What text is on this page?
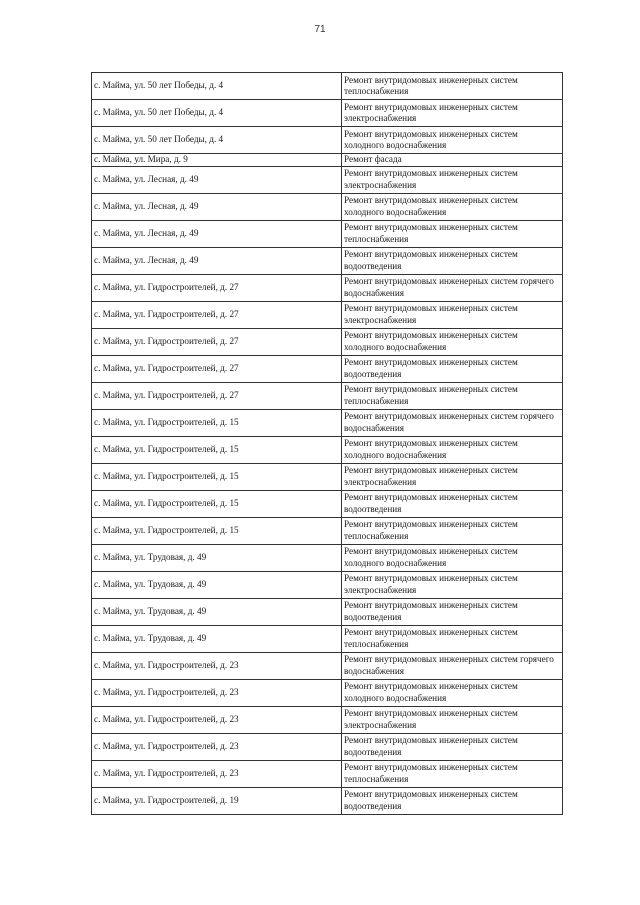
71
с. Майма, ул. 50 лет Победы, д. 4	Ремонт внутридомовых инженерных систем теплоснабжения
с. Майма, ул. 50 лет Победы, д. 4	Ремонт внутридомовых инженерных систем электроснабжения
с. Майма, ул. 50 лет Победы, д. 4	Ремонт внутридомовых инженерных систем холодного водоснабжения
с. Майма, ул. Мира, д. 9	Ремонт фасада
с. Майма, ул. Лесная, д. 49	Ремонт внутридомовых инженерных систем электроснабжения
с. Майма, ул. Лесная, д. 49	Ремонт внутридомовых инженерных систем холодного водоснабжения
с. Майма, ул. Лесная, д. 49	Ремонт внутридомовых инженерных систем теплоснабжения
с. Майма, ул. Лесная, д. 49	Ремонт внутридомовых инженерных систем водоотведения
с. Майма, ул. Гидростроителей, д. 27	Ремонт внутридомовых инженерных систем горячего водоснабжения
с. Майма, ул. Гидростроителей, д. 27	Ремонт внутридомовых инженерных систем электроснабжения
с. Майма, ул. Гидростроителей, д. 27	Ремонт внутридомовых инженерных систем холодного водоснабжения
с. Майма, ул. Гидростроителей, д. 27	Ремонт внутридомовых инженерных систем водоотведения
с. Майма, ул. Гидростроителей, д. 27	Ремонт внутридомовых инженерных систем теплоснабжения
с. Майма, ул. Гидростроителей, д. 15	Ремонт внутридомовых инженерных систем горячего водоснабжения
с. Майма, ул. Гидростроителей, д. 15	Ремонт внутридомовых инженерных систем холодного водоснабжения
с. Майма, ул. Гидростроителей, д. 15	Ремонт внутридомовых инженерных систем электроснабжения
с. Майма, ул. Гидростроителей, д. 15	Ремонт внутридомовых инженерных систем водоотведения
с. Майма, ул. Гидростроителей, д. 15	Ремонт внутридомовых инженерных систем теплоснабжения
с. Майма, ул. Трудовая, д. 49	Ремонт внутридомовых инженерных систем холодного водоснабжения
с. Майма, ул. Трудовая, д. 49	Ремонт внутридомовых инженерных систем электроснабжения
с. Майма, ул. Трудовая, д. 49	Ремонт внутридомовых инженерных систем водоотведения
с. Майма, ул. Трудовая, д. 49	Ремонт внутридомовых инженерных систем теплоснабжения
с. Майма, ул. Гидростроителей, д. 23	Ремонт внутридомовых инженерных систем горячего водоснабжения
с. Майма, ул. Гидростроителей, д. 23	Ремонт внутридомовых инженерных систем холодного водоснабжения
с. Майма, ул. Гидростроителей, д. 23	Ремонт внутридомовых инженерных систем электроснабжения
с. Майма, ул. Гидростроителей, д. 23	Ремонт внутридомовых инженерных систем водоотведения
с. Майма, ул. Гидростроителей, д. 23	Ремонт внутридомовых инженерных систем теплоснабжения
с. Майма, ул. Гидростроителей, д. 19	Ремонт внутридомовых инженерных систем водоотведения
